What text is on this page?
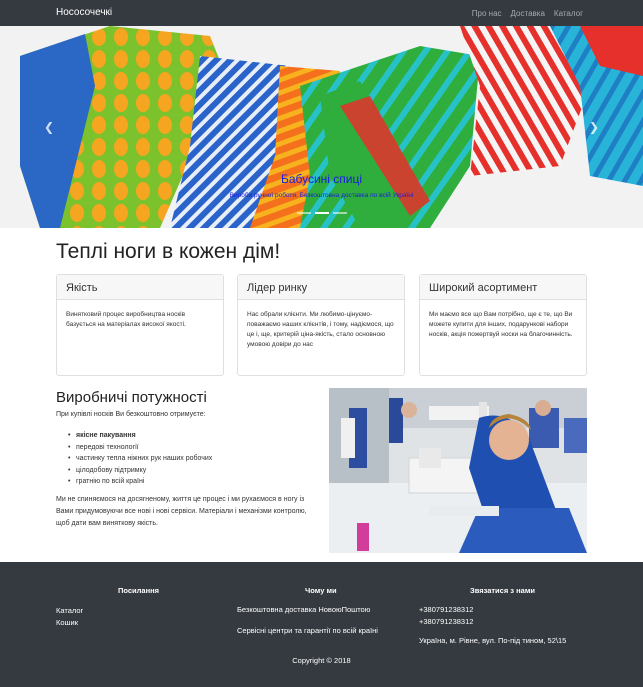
Нососочечкі	Про нас Доставка Каталог
❮	❯
Бабусині спиці
Вироби ручної роботи. Безкоштовна доставка по всій Україні
Теплі ноги в кожен дім!
Якість
Виняткoвий процес виробництва носків базується на матеріалах високої якості.
Лідер ринку
Нас обрали клієнти. Ми любимо-цінуємо-поважаємо наших клієнтів, і тому, надіємося, що це і, ще, критерій ціна-якість, стало основною умовою довіри до нас
Широкий асортимент
Ми маємо все що Вам потрібно, ще є те, що Ви можете купити для інших, подарункові набори носків, акція пожертвуй носки на благочинність.
Виробничі потужності

При купівлі носків Ви безкоштовно отримуєте:

• якісне пакування
• передові технології
• частинку тепла ніжних рук наших робочих
• цілодобову підтримку
• гратнію по всій країні

Ми не спиняємося на досягненому, життя це процес і ми рухаємося в ногу із Вами придумовуючи все нові і нові сервіси. Матеріали і механізми контролю, щоб дати вам виняткову якість.

Посилання	Чому ми	Звязатися з нами
Каталог
Кошик
Безкоштовна доставка НовоюПоштою
Сервісні центри та гарантії по всій країні
+380791238312
+380791238312
Україна, м. Рівне, вул. По-під тином, 52\15
Copyright © 2018
